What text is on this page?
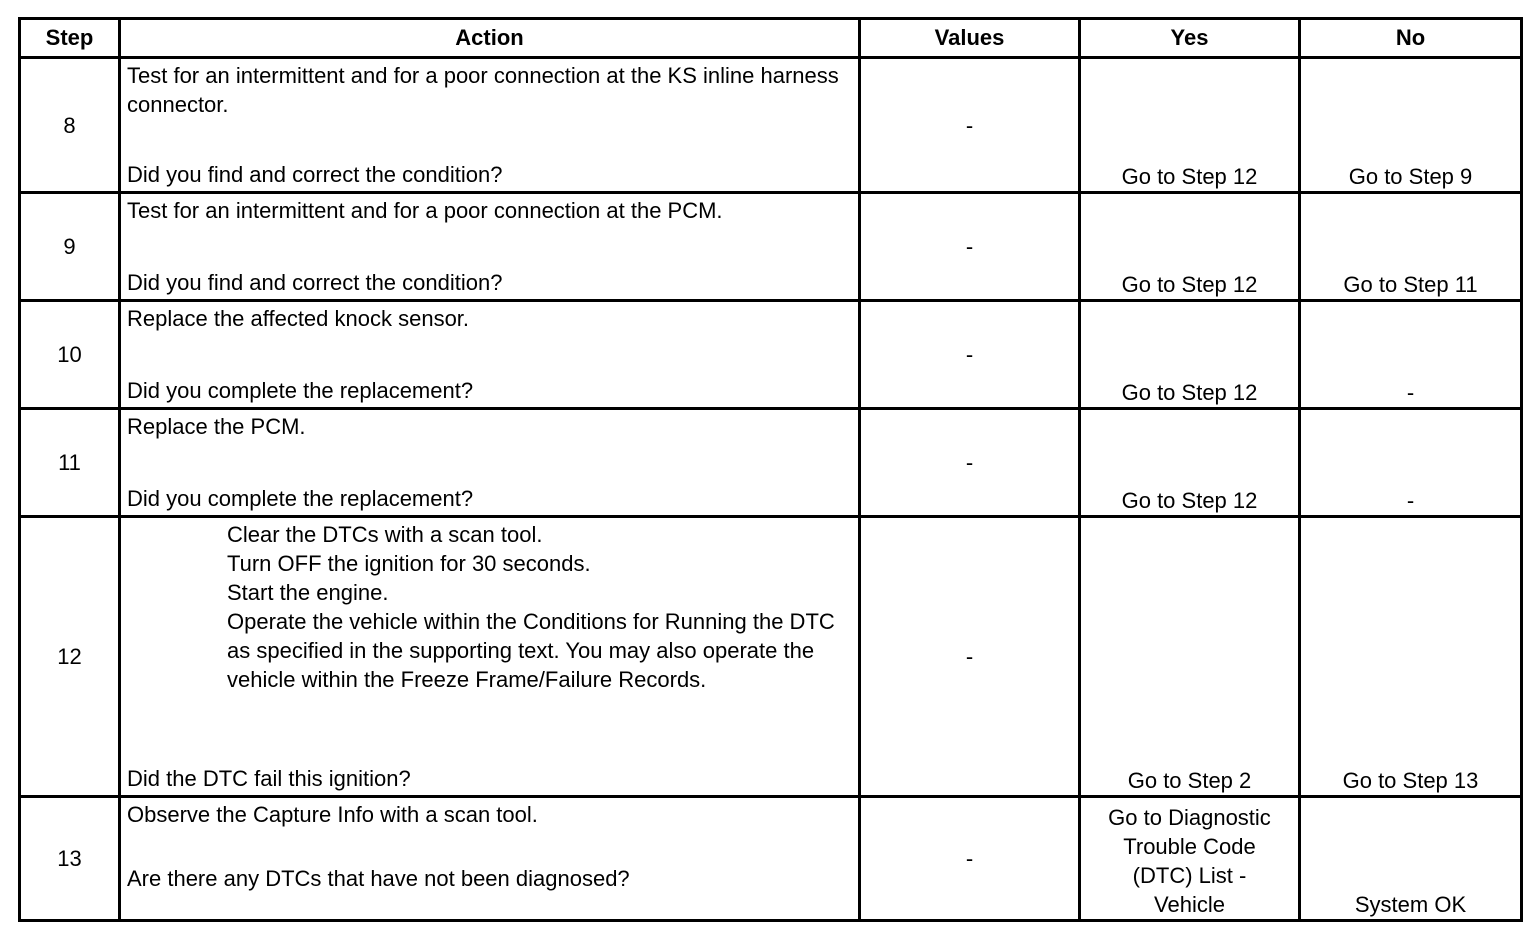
Step	Action	Values	Yes	No
8	Test for an intermittent and for a poor connection at the KS inline harness connector.
Did you find and correct the condition?	-	Go to Step 12	Go to Step 9
9	Test for an intermittent and for a poor connection at the PCM.
Did you find and correct the condition?	-	Go to Step 12	Go to Step 11
10	Replace the affected knock sensor.
Did you complete the replacement?	-	Go to Step 12	-
11	Replace the PCM.
Did you complete the replacement?	-	Go to Step 12	-
12	Clear the DTCs with a scan tool.
Turn OFF the ignition for 30 seconds.
Start the engine.
Operate the vehicle within the Conditions for Running the DTC as specified in the supporting text. You may also operate the vehicle within the Freeze Frame/Failure Records.
Did the DTC fail this ignition?	-	Go to Step 2	Go to Step 13
13	Observe the Capture Info with a scan tool.
Are there any DTCs that have not been diagnosed?	-	Go to Diagnostic Trouble Code (DTC) List - Vehicle	System OK
